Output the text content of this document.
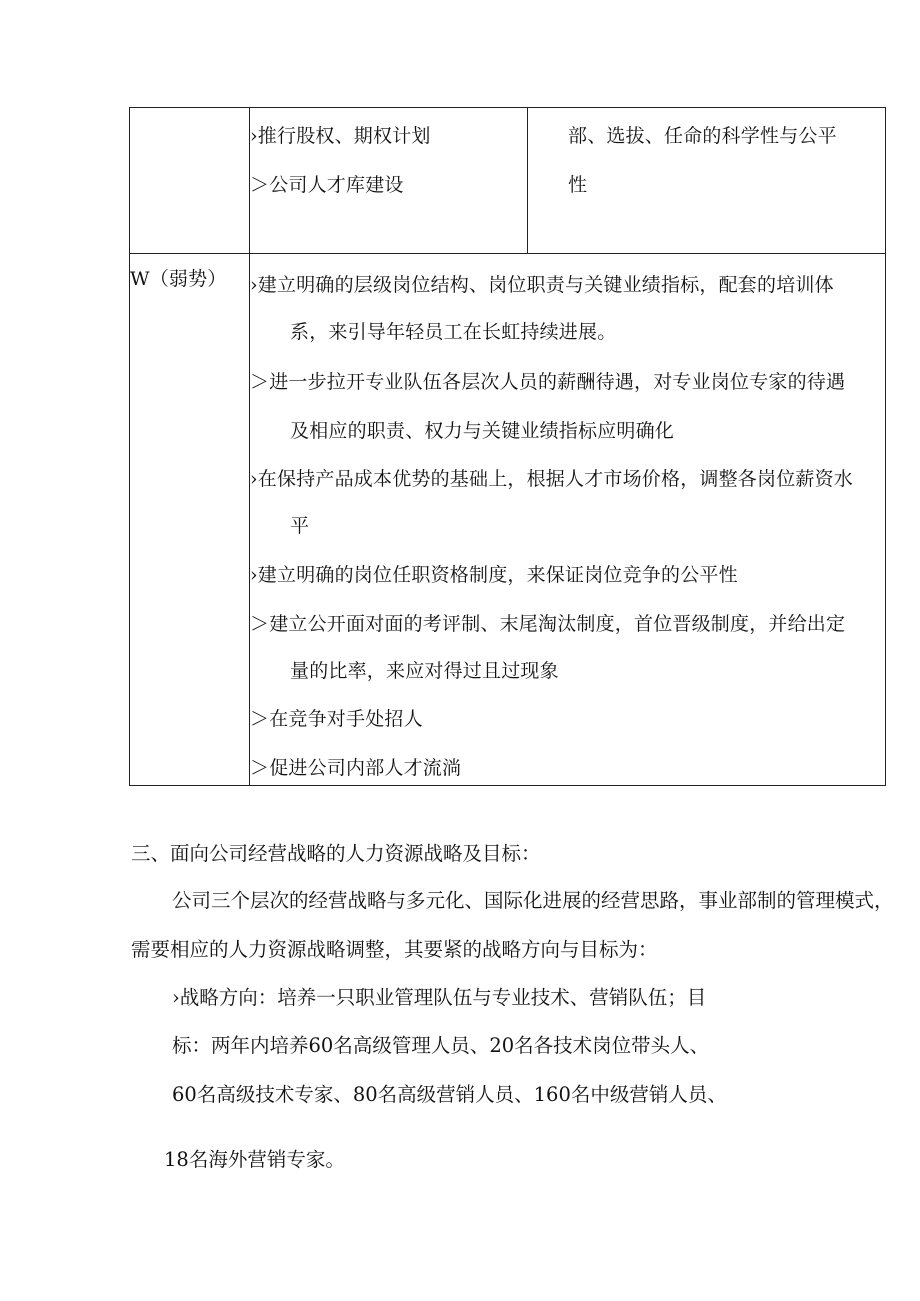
›推行股权、期权计划
＞公司人才库建设
部、选拔、任命的科学性与公平
性
W（弱势） ›建立明确的层级岗位结构、岗位职责与关键业绩指标，配套的培训体
系，来引导年轻员工在长虹持续进展。
＞进一步拉开专业队伍各层次人员的薪酬待遇，对专业岗位专家的待遇
及相应的职责、权力与关键业绩指标应明确化
›在保持产品成本优势的基础上，根据人才市场价格，调整各岗位薪资水
平
›建立明确的岗位任职资格制度，来保证岗位竞争的公平性
＞建立公开面对面的考评制、末尾淘汰制度，首位晋级制度，并给出定
量的比率，来应对得过且过现象
＞在竞争对手处招人
＞促进公司内部人才流淌
三、面向公司经营战略的人力资源战略及目标：
公司三个层次的经营战略与多元化、国际化进展的经营思路，事业部制的管理模式，
需要相应的人力资源战略调整，其要紧的战略方向与目标为：
›战略方向：培养一只职业管理队伍与专业技术、营销队伍；目
标：两年内培养60名高级管理人员、20名各技术岗位带头人、
60名高级技术专家、80名高级营销人员、160名中级营销人员、
18名海外营销专家。
